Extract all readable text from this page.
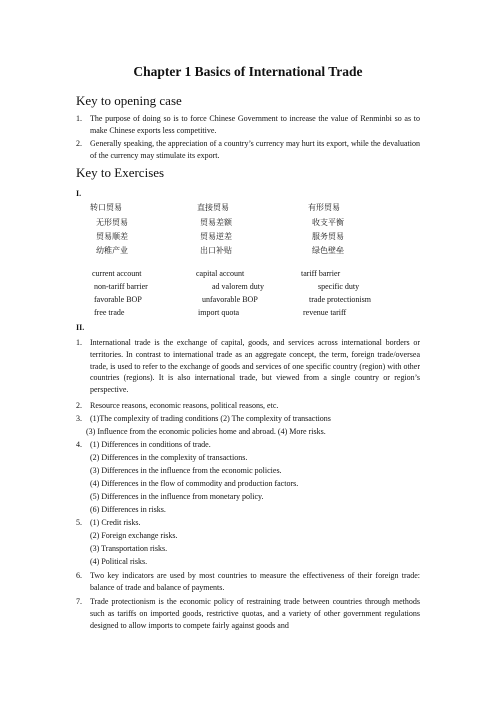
Chapter 1 Basics of International Trade
Key to opening case
1.	The purpose of doing so is to force Chinese Government to increase the value of Renminbi so as to make Chinese exports less competitive.
2.	Generally speaking, the appreciation of a country’s currency may hurt its export, while the devaluation of the currency may stimulate its export.
Key to Exercises
I.
转口贸易	直接贸易	有形贸易
无形贸易	贸易差额	收支平衡
贸易顺差	贸易逆差	服务贸易
幼稚产业	出口补贴	绿色壁垒
current account	capital account	tariff barrier
non-tariff barrier	ad valorem duty	specific duty
favorable BOP	unfavorable BOP	trade protectionism
free trade	import quota	revenue tariff
II.
1.	International trade is the exchange of capital, goods, and services across international borders or territories. In contrast to international trade as an aggregate concept, the term, foreign trade/oversea trade, is used to refer to the exchange of goods and services of one specific country (region) with other countries (regions). It is also international trade, but viewed from a single country or region’s perspective.
2.	Resource reasons, economic reasons, political reasons, etc.
3. (1)The complexity of trading conditions (2) The complexity of transactions
(3) Influence from the economic policies home and abroad. (4) More risks.
4. (1) Differences in conditions of trade.
(2) Differences in the complexity of transactions.
(3) Differences in the influence from the economic policies.
(4) Differences in the flow of commodity and production factors.
(5) Differences in the influence from monetary policy.
(6) Differences in risks.
5. (1) Credit risks.
(2) Foreign exchange risks.
(3) Transportation risks.
(4) Political risks.
6.	Two key indicators are used by most countries to measure the effectiveness of their foreign trade: balance of trade and balance of payments.
7.	Trade protectionism is the economic policy of restraining trade between countries through methods such as tariffs on imported goods, restrictive quotas, and a variety of other government regulations designed to allow imports to compete fairly against goods and
